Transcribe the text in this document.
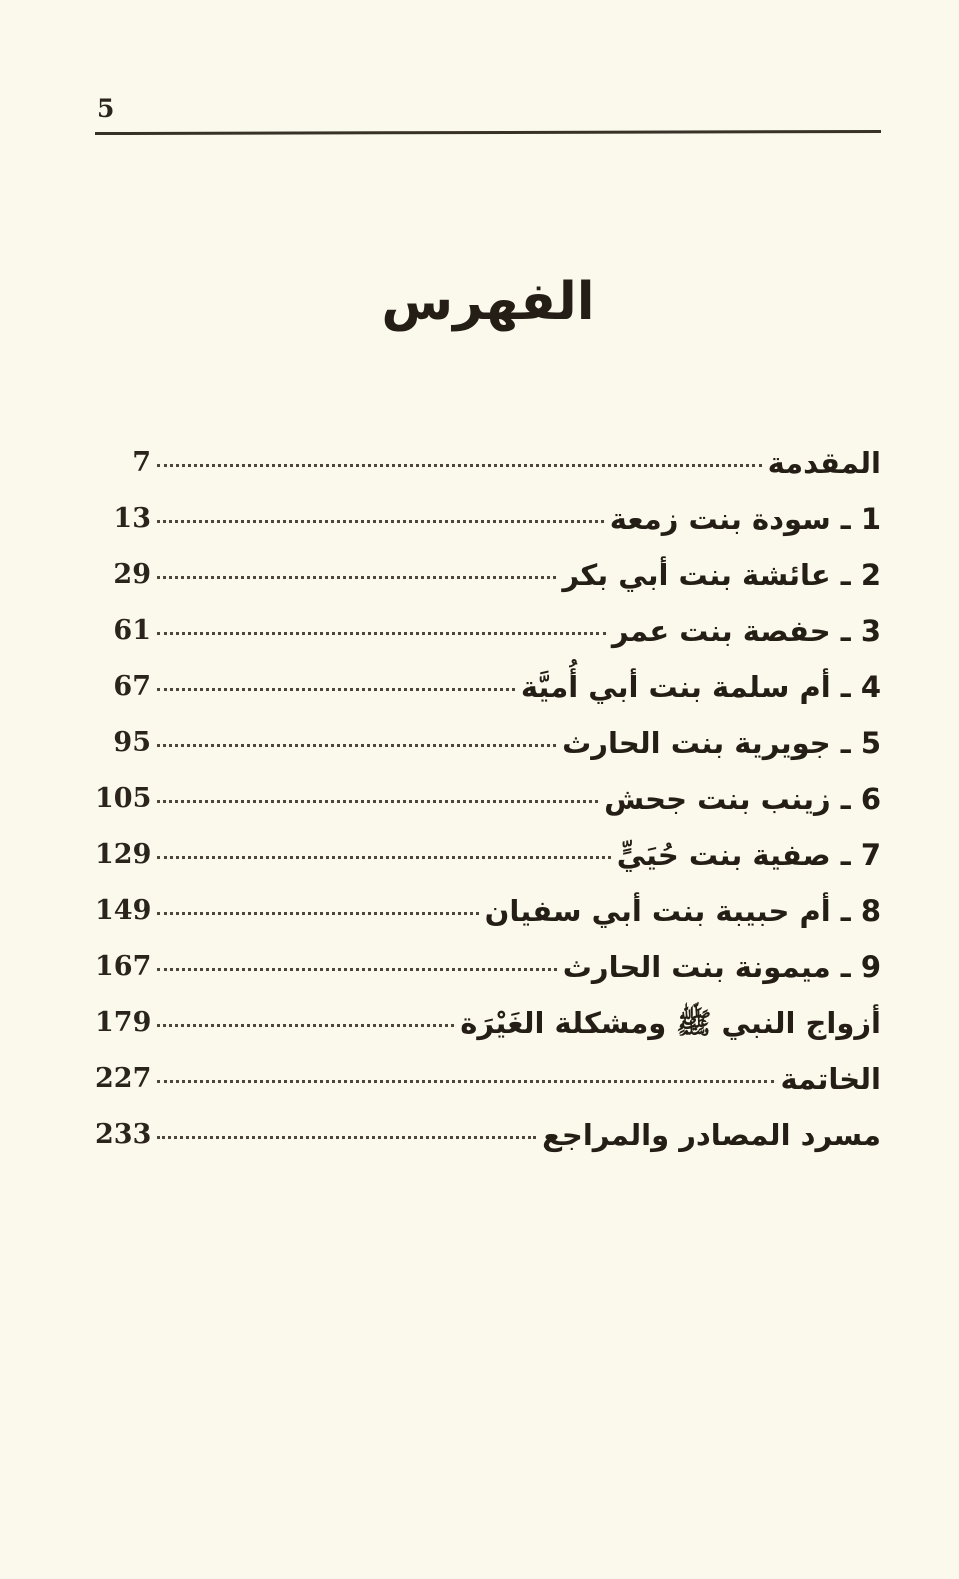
5
الفهرس
المقدمة
7
1 ـ سودة بنت زمعة
13
2 ـ عائشة بنت أبي بكر
29
3 ـ حفصة بنت عمر
61
4 ـ أم سلمة بنت أبي أُميَّة
67
5 ـ جويرية بنت الحارث
95
6 ـ زينب بنت جحش
105
7 ـ صفية بنت حُيَيٍّ
129
8 ـ أم حبيبة بنت أبي سفيان
149
9 ـ ميمونة بنت الحارث
167
أزواج النبي ﷺ ومشكلة الغَيْرَة
179
الخاتمة
227
مسرد المصادر والمراجع
233
